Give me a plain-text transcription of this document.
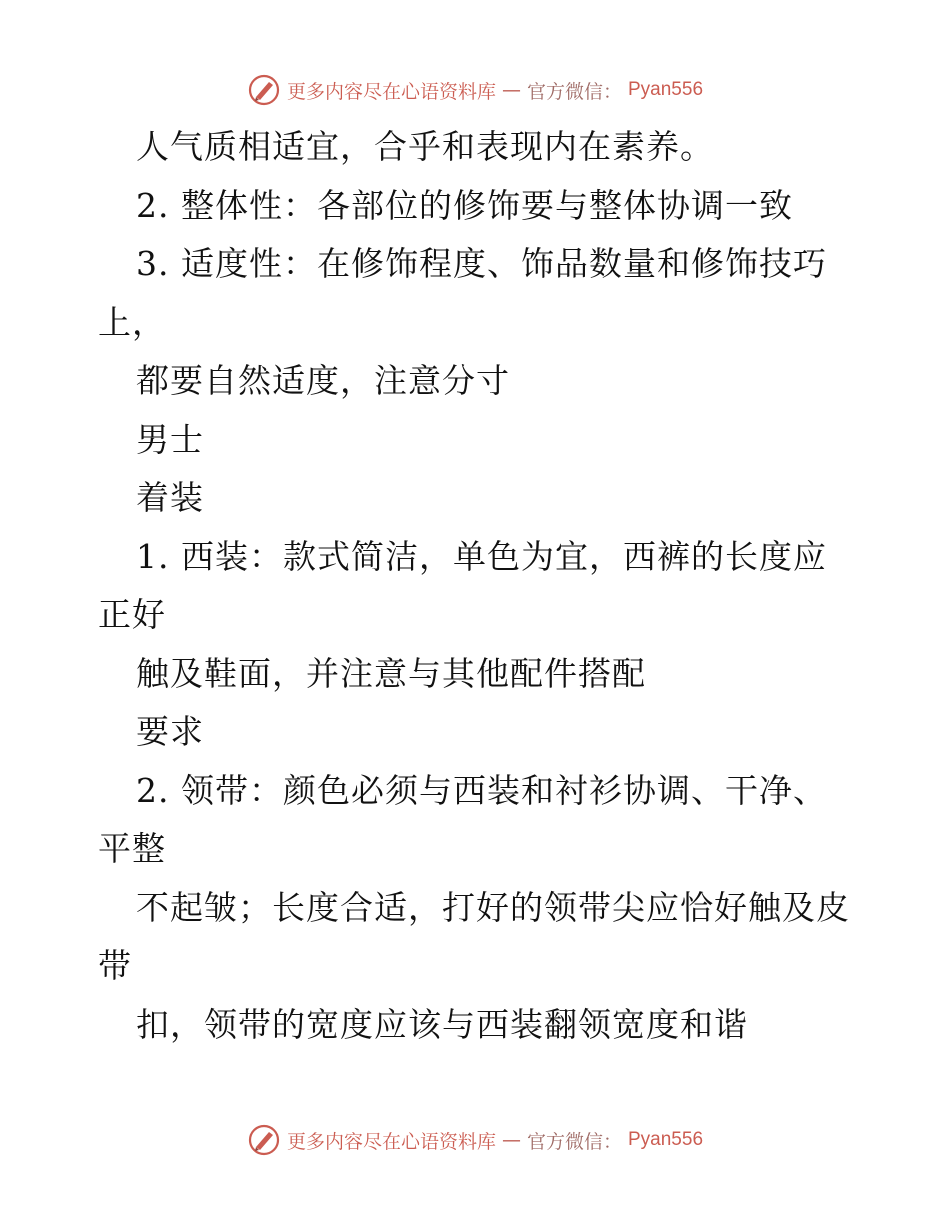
更多内容尽在心语资料库 — 官方微信： Pyan556
人气质相适宜，合乎和表现内在素养。
2. 整体性：各部位的修饰要与整体协调一致
3. 适度性：在修饰程度、饰品数量和修饰技巧
上，
都要自然适度，注意分寸
男士
着装
1. 西装：款式简洁，单色为宜，西裤的长度应
正好
触及鞋面，并注意与其他配件搭配
要求
2. 领带：颜色必须与西装和衬衫协调、干净、
平整
不起皱；长度合适，打好的领带尖应恰好触及皮
带
扣，领带的宽度应该与西装翻领宽度和谐
更多内容尽在心语资料库 — 官方微信： Pyan556
